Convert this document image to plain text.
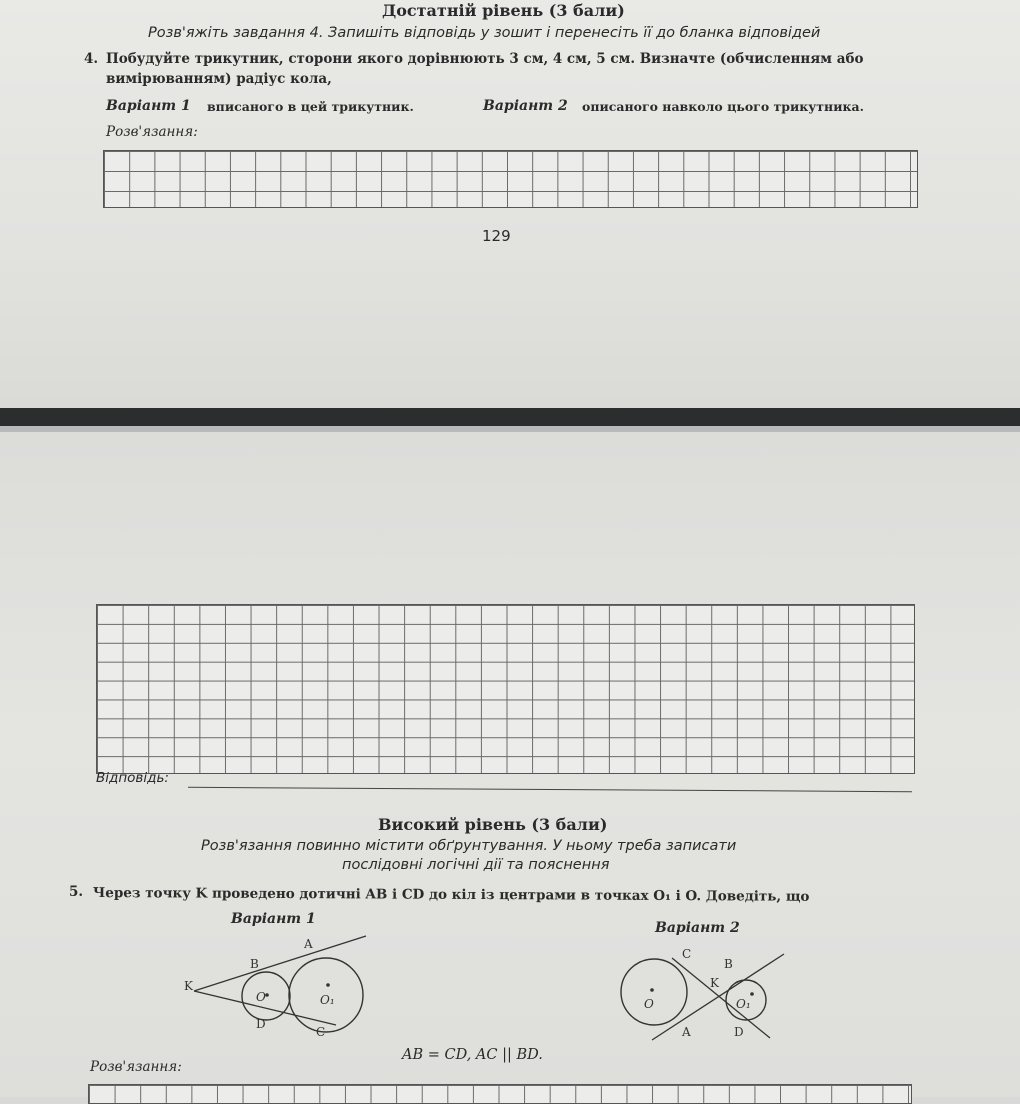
Достатній рівень (3 бали)
Розв'яжіть завдання 4. Запишіть відповідь у зошит і перенесіть її до бланка відповідей
4. Побудуйте трикутник, сторони якого дорівнюють 3 см, 4 см, 5 см. Визначте (обчисленням або
вимірюванням) радіус кола,
Варіант 1 вписаного в цей трикутник.	Варіант 2 описаного навколо цього трикутника.
Розв'язання:
129
Відповідь:
Високий рівень (3 бали)
Розв'язання повинно містити обґрунтування. У ньому треба записати
послідовні логічні дії та пояснення
5. Через точку K проведено дотичні AB і CD до кіл із центрами в точках O₁ і O. Доведіть, що
Варіант 1
Варіант 2
A
B
K
D
C
O	O₁
C
B
K
A	D
O	O₁
AB = CD, AC || BD.
Розв'язання:
